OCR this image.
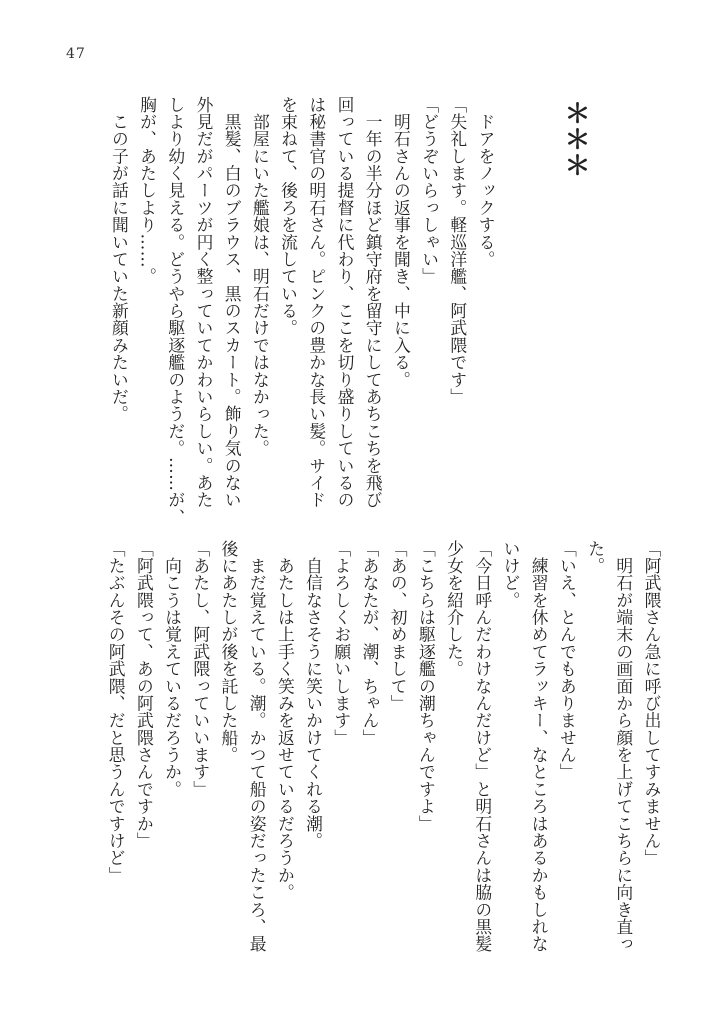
47
＊＊＊
　ドアをノックする。
「失礼します。軽巡洋艦、阿武隈です」
「どうぞいらっしゃい」
　明石さんの返事を聞き、中に入る。
　一年の半分ほど鎮守府を留守にしてあちこちを飛び
回っている提督に代わり、ここを切り盛りしているの
は秘書官の明石さん。ピンクの豊かな長い髪。サイド
を束ねて、後ろを流している。
　部屋にいた艦娘は、明石だけではなかった。
　黒髪、白のブラウス、黒のスカート。飾り気のない
外見だがパーツが円く整っていてかわいらしい。あた
しより幼く見える。どうやら駆逐艦のようだ。……が、
胸が、あたしより……。
　この子が話に聞いていた新顔みたいだ。
「阿武隈さん急に呼び出してすみません」
　明石が端末の画面から顔を上げてこちらに向き直っ
た。
「いえ、とんでもありません」
　練習を休めてラッキー、なところはあるかもしれな
いけど。
「今日呼んだわけなんだけど」と明石さんは脇の黒髪
少女を紹介した。
「こちらは駆逐艦の潮ちゃんですよ」
「あの、初めまして」
「あなたが、潮、ちゃん」
「よろしくお願いします」
　自信なさそうに笑いかけてくれる潮。
　あたしは上手く笑みを返せているだろうか。
　まだ覚えている。潮。かつて船の姿だったころ、最
後にあたしが後を託した船。
「あたし、阿武隈っていいます」
　向こうは覚えているだろうか。
「阿武隈って、あの阿武隈さんですか」
「たぶんその阿武隈、だと思うんですけど」
